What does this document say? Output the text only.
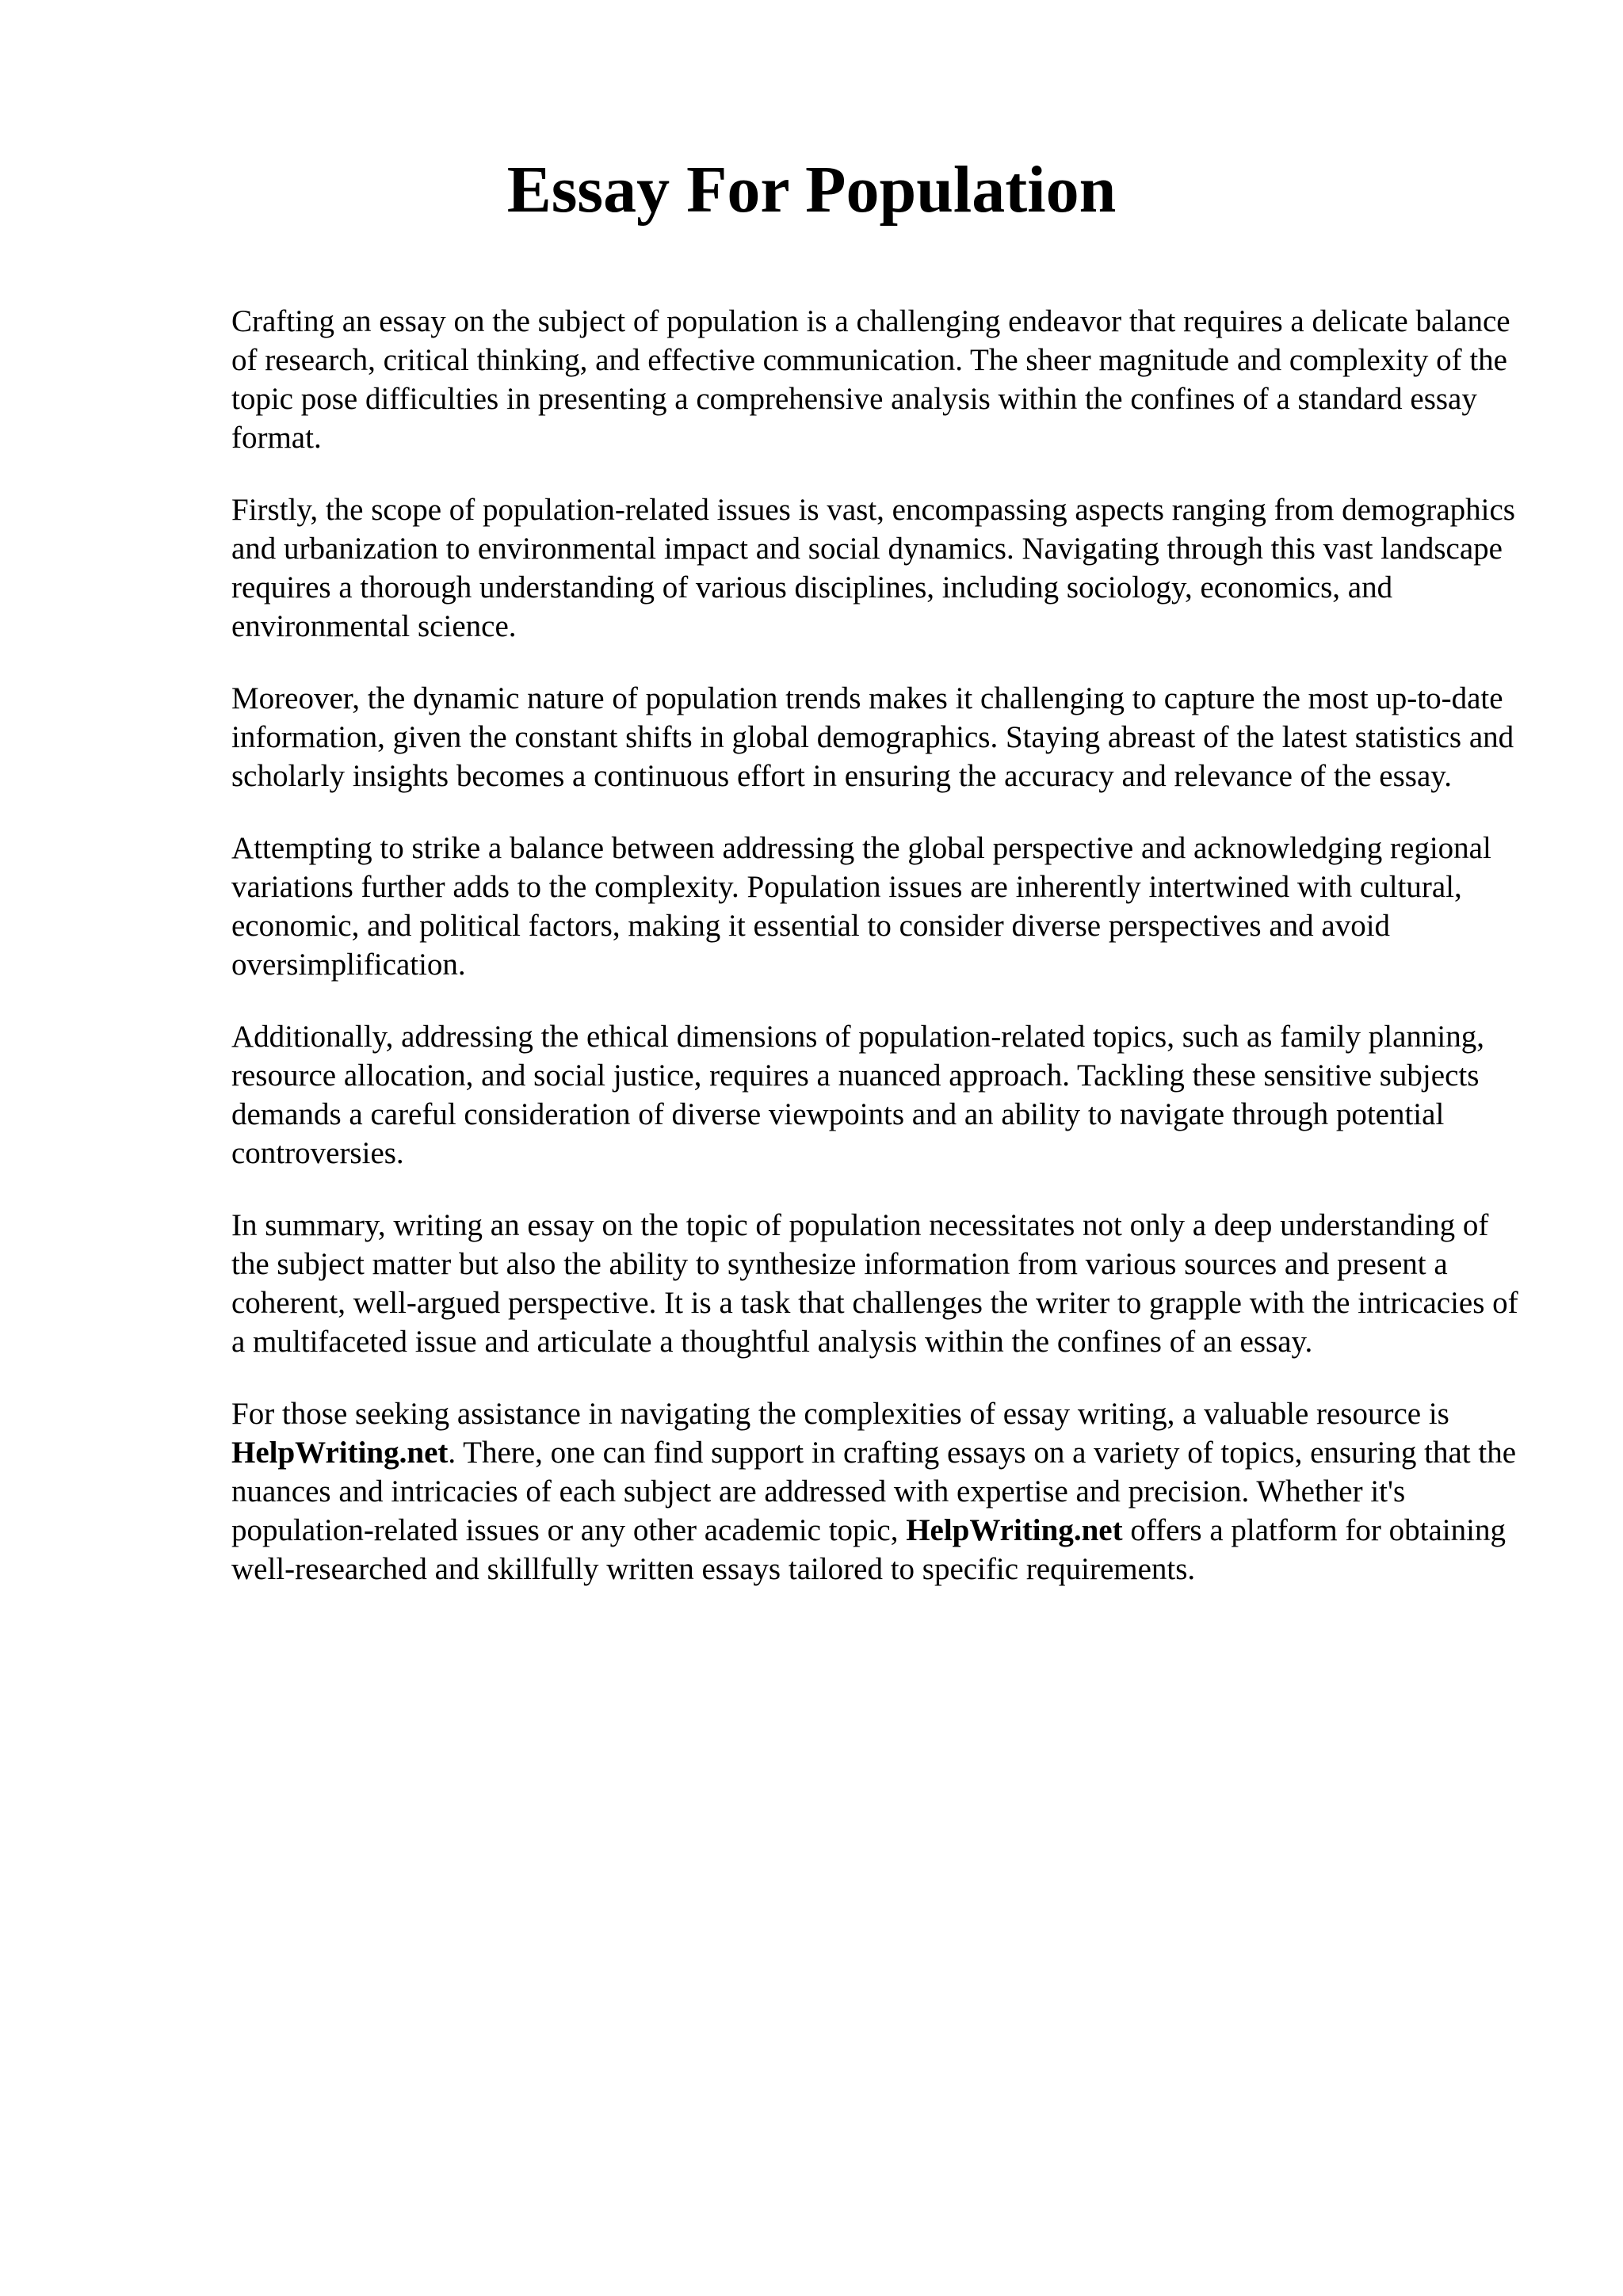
Essay For Population

Crafting an essay on the subject of population is a challenging endeavor that requires a delicate balance of research, critical thinking, and effective communication. The sheer magnitude and complexity of the topic pose difficulties in presenting a comprehensive analysis within the confines of a standard essay format.

Firstly, the scope of population-related issues is vast, encompassing aspects ranging from demographics and urbanization to environmental impact and social dynamics. Navigating through this vast landscape requires a thorough understanding of various disciplines, including sociology, economics, and environmental science.

Moreover, the dynamic nature of population trends makes it challenging to capture the most up-to-date information, given the constant shifts in global demographics. Staying abreast of the latest statistics and scholarly insights becomes a continuous effort in ensuring the accuracy and relevance of the essay.

Attempting to strike a balance between addressing the global perspective and acknowledging regional variations further adds to the complexity. Population issues are inherently intertwined with cultural, economic, and political factors, making it essential to consider diverse perspectives and avoid oversimplification.

Additionally, addressing the ethical dimensions of population-related topics, such as family planning, resource allocation, and social justice, requires a nuanced approach. Tackling these sensitive subjects demands a careful consideration of diverse viewpoints and an ability to navigate through potential controversies.

In summary, writing an essay on the topic of population necessitates not only a deep understanding of the subject matter but also the ability to synthesize information from various sources and present a coherent, well-argued perspective. It is a task that challenges the writer to grapple with the intricacies of a multifaceted issue and articulate a thoughtful analysis within the confines of an essay.

For those seeking assistance in navigating the complexities of essay writing, a valuable resource is HelpWriting.net. There, one can find support in crafting essays on a variety of topics, ensuring that the nuances and intricacies of each subject are addressed with expertise and precision. Whether it's population-related issues or any other academic topic, HelpWriting.net offers a platform for obtaining well-researched and skillfully written essays tailored to specific requirements.
